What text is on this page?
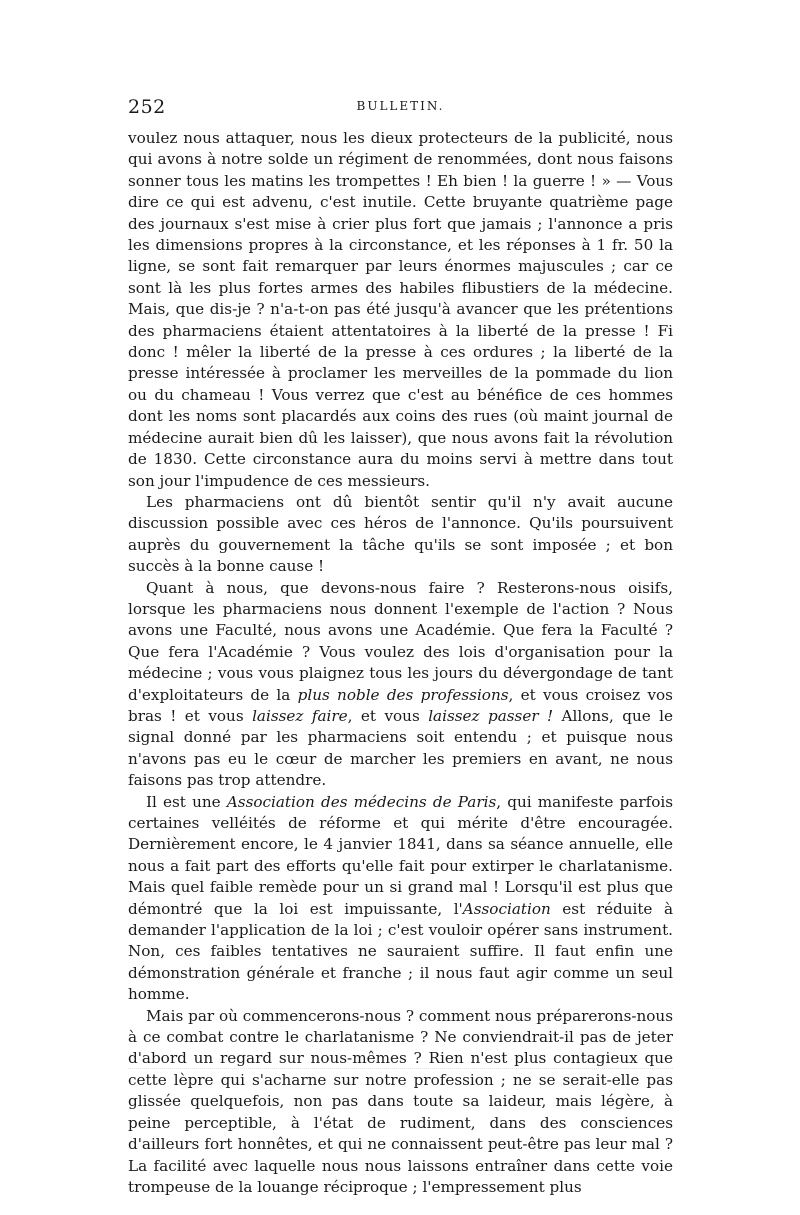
252	BULLETIN.

voulez nous attaquer, nous les dieux protecteurs de la publicité, nous qui avons à notre solde un régiment de renommées, dont nous faisons sonner tous les matins les trompettes ! Eh bien ! la guerre ! » — Vous dire ce qui est advenu, c'est inutile. Cette bruyante quatrième page des journaux s'est mise à crier plus fort que jamais ; l'annonce a pris les dimensions propres à la circonstance, et les réponses à 1 fr. 50 la ligne, se sont fait remarquer par leurs énormes majuscules ; car ce sont là les plus fortes armes des habiles flibustiers de la médecine. Mais, que dis-je ? n'a-t-on pas été jusqu'à avancer que les prétentions des pharmaciens étaient attentatoires à la liberté de la presse ! Fi donc ! mêler la liberté de la presse à ces ordures ; la liberté de la presse intéressée à proclamer les merveilles de la pommade du lion ou du chameau ! Vous verrez que c'est au bénéfice de ces hommes dont les noms sont placardés aux coins des rues (où maint journal de médecine aurait bien dû les laisser), que nous avons fait la révolution de 1830. Cette circonstance aura du moins servi à mettre dans tout son jour l'impudence de ces messieurs.

Les pharmaciens ont dû bientôt sentir qu'il n'y avait aucune discussion possible avec ces héros de l'annonce. Qu'ils poursuivent auprès du gouvernement la tâche qu'ils se sont imposée ; et bon succès à la bonne cause !

Quant à nous, que devons-nous faire ? Resterons-nous oisifs, lorsque les pharmaciens nous donnent l'exemple de l'action ? Nous avons une Faculté, nous avons une Académie. Que fera la Faculté ? Que fera l'Académie ? Vous voulez des lois d'organisation pour la médecine ; vous vous plaignez tous les jours du dévergondage de tant d'exploitateurs de la plus noble des professions, et vous croisez vos bras ! et vous laissez faire, et vous laissez passer ! Allons, que le signal donné par les pharmaciens soit entendu ; et puisque nous n'avons pas eu le cœur de marcher les premiers en avant, ne nous faisons pas trop attendre.

Il est une Association des médecins de Paris, qui manifeste parfois certaines velléités de réforme et qui mérite d'être encouragée. Dernièrement encore, le 4 janvier 1841, dans sa séance annuelle, elle nous a fait part des efforts qu'elle fait pour extirper le charlatanisme. Mais quel faible remède pour un si grand mal ! Lorsqu'il est plus que démontré que la loi est impuissante, l'Association est réduite à demander l'application de la loi ; c'est vouloir opérer sans instrument. Non, ces faibles tentatives ne sauraient suffire. Il faut enfin une démonstration générale et franche ; il nous faut agir comme un seul homme.

Mais par où commencerons-nous ? comment nous préparerons-nous à ce combat contre le charlatanisme ? Ne conviendrait-il pas de jeter d'abord un regard sur nous-mêmes ? Rien n'est plus contagieux que cette lèpre qui s'acharne sur notre profession ; ne se serait-elle pas glissée quelquefois, non pas dans toute sa laideur, mais légère, à peine perceptible, à l'état de rudiment, dans des consciences d'ailleurs fort honnêtes, et qui ne connaissent peut-être pas leur mal ? La facilité avec laquelle nous nous laissons entraîner dans cette voie trompeuse de la louange réciproque ; l'empressement plus
